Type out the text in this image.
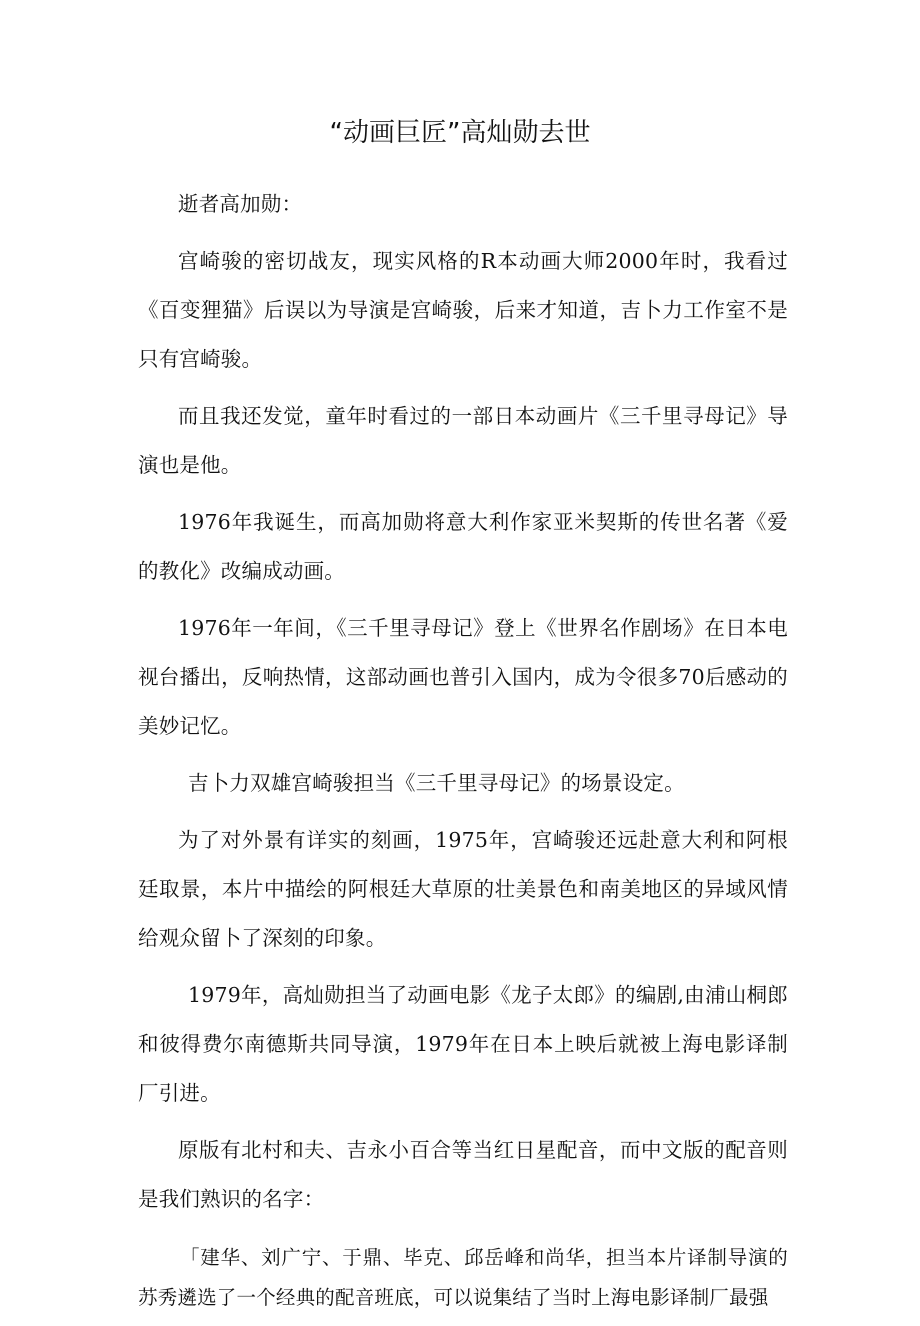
“动画巨匠”高灿勋去世

逝者高加勋：

宫崎骏的密切战友，现实风格的R本动画大师2000年时，我看过《百变狸猫》后误以为导演是宫崎骏，后来才知道，吉卜力工作室不是只有宫崎骏。

而且我还发觉，童年时看过的一部日本动画片《三千里寻母记》导演也是他。

1976年我诞生，而高加勋将意大利作家亚米契斯的传世名著《爱的教化》改编成动画。

1976年一年间，《三千里寻母记》登上《世界名作剧场》在日本电视台播出，反响热情，这部动画也普引入国内，成为令很多70后感动的美妙记忆。

吉卜力双雄宫崎骏担当《三千里寻母记》的场景设定。

为了对外景有详实的刻画，1975年，宫崎骏还远赴意大利和阿根廷取景，本片中描绘的阿根廷大草原的壮美景色和南美地区的异域风情给观众留卜了深刻的印象。

1979年，高灿勋担当了动画电影《龙子太郎》的编剧,由浦山桐郎和彼得费尔南德斯共同导演，1979年在日本上映后就被上海电影译制厂引进。

原版有北村和夫、吉永小百合等当红日星配音，而中文版的配音则是我们熟识的名字：

「建华、刘广宁、于鼎、毕克、邱岳峰和尚华，担当本片译制导演的苏秀遴选了一个经典的配音班底，可以说集结了当时上海电影译制厂最强
